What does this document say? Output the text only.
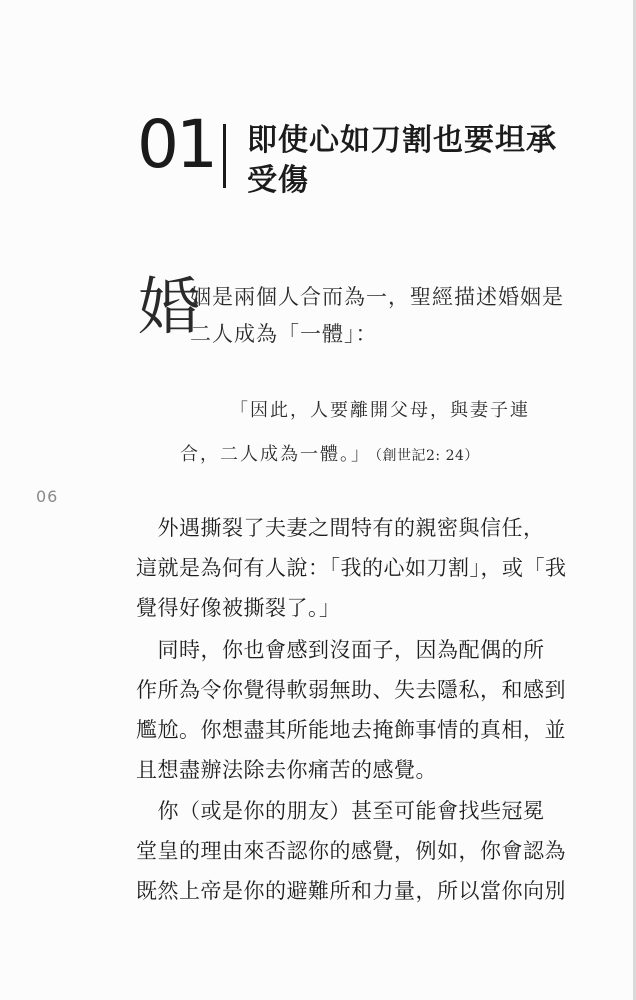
01 即使心如刀割也要坦承受傷
婚
姻是兩個人合而為一，聖經描述婚姻是
二人成為「一體」：
「因此，人要離開父母，與妻子連
合，二人成為一體。」 （創世記2: 24）
06
　外遇撕裂了夫妻之間特有的親密與信任，
這就是為何有人說：「我的心如刀割」，或「我
覺得好像被撕裂了。」
　同時，你也會感到沒面子，因為配偶的所
作所為令你覺得軟弱無助、失去隱私，和感到
尷尬。你想盡其所能地去掩飾事情的真相，並
且想盡辦法除去你痛苦的感覺。
　你（或是你的朋友）甚至可能會找些冠冕
堂皇的理由來否認你的感覺，例如，你會認為
既然上帝是你的避難所和力量，所以當你向別
